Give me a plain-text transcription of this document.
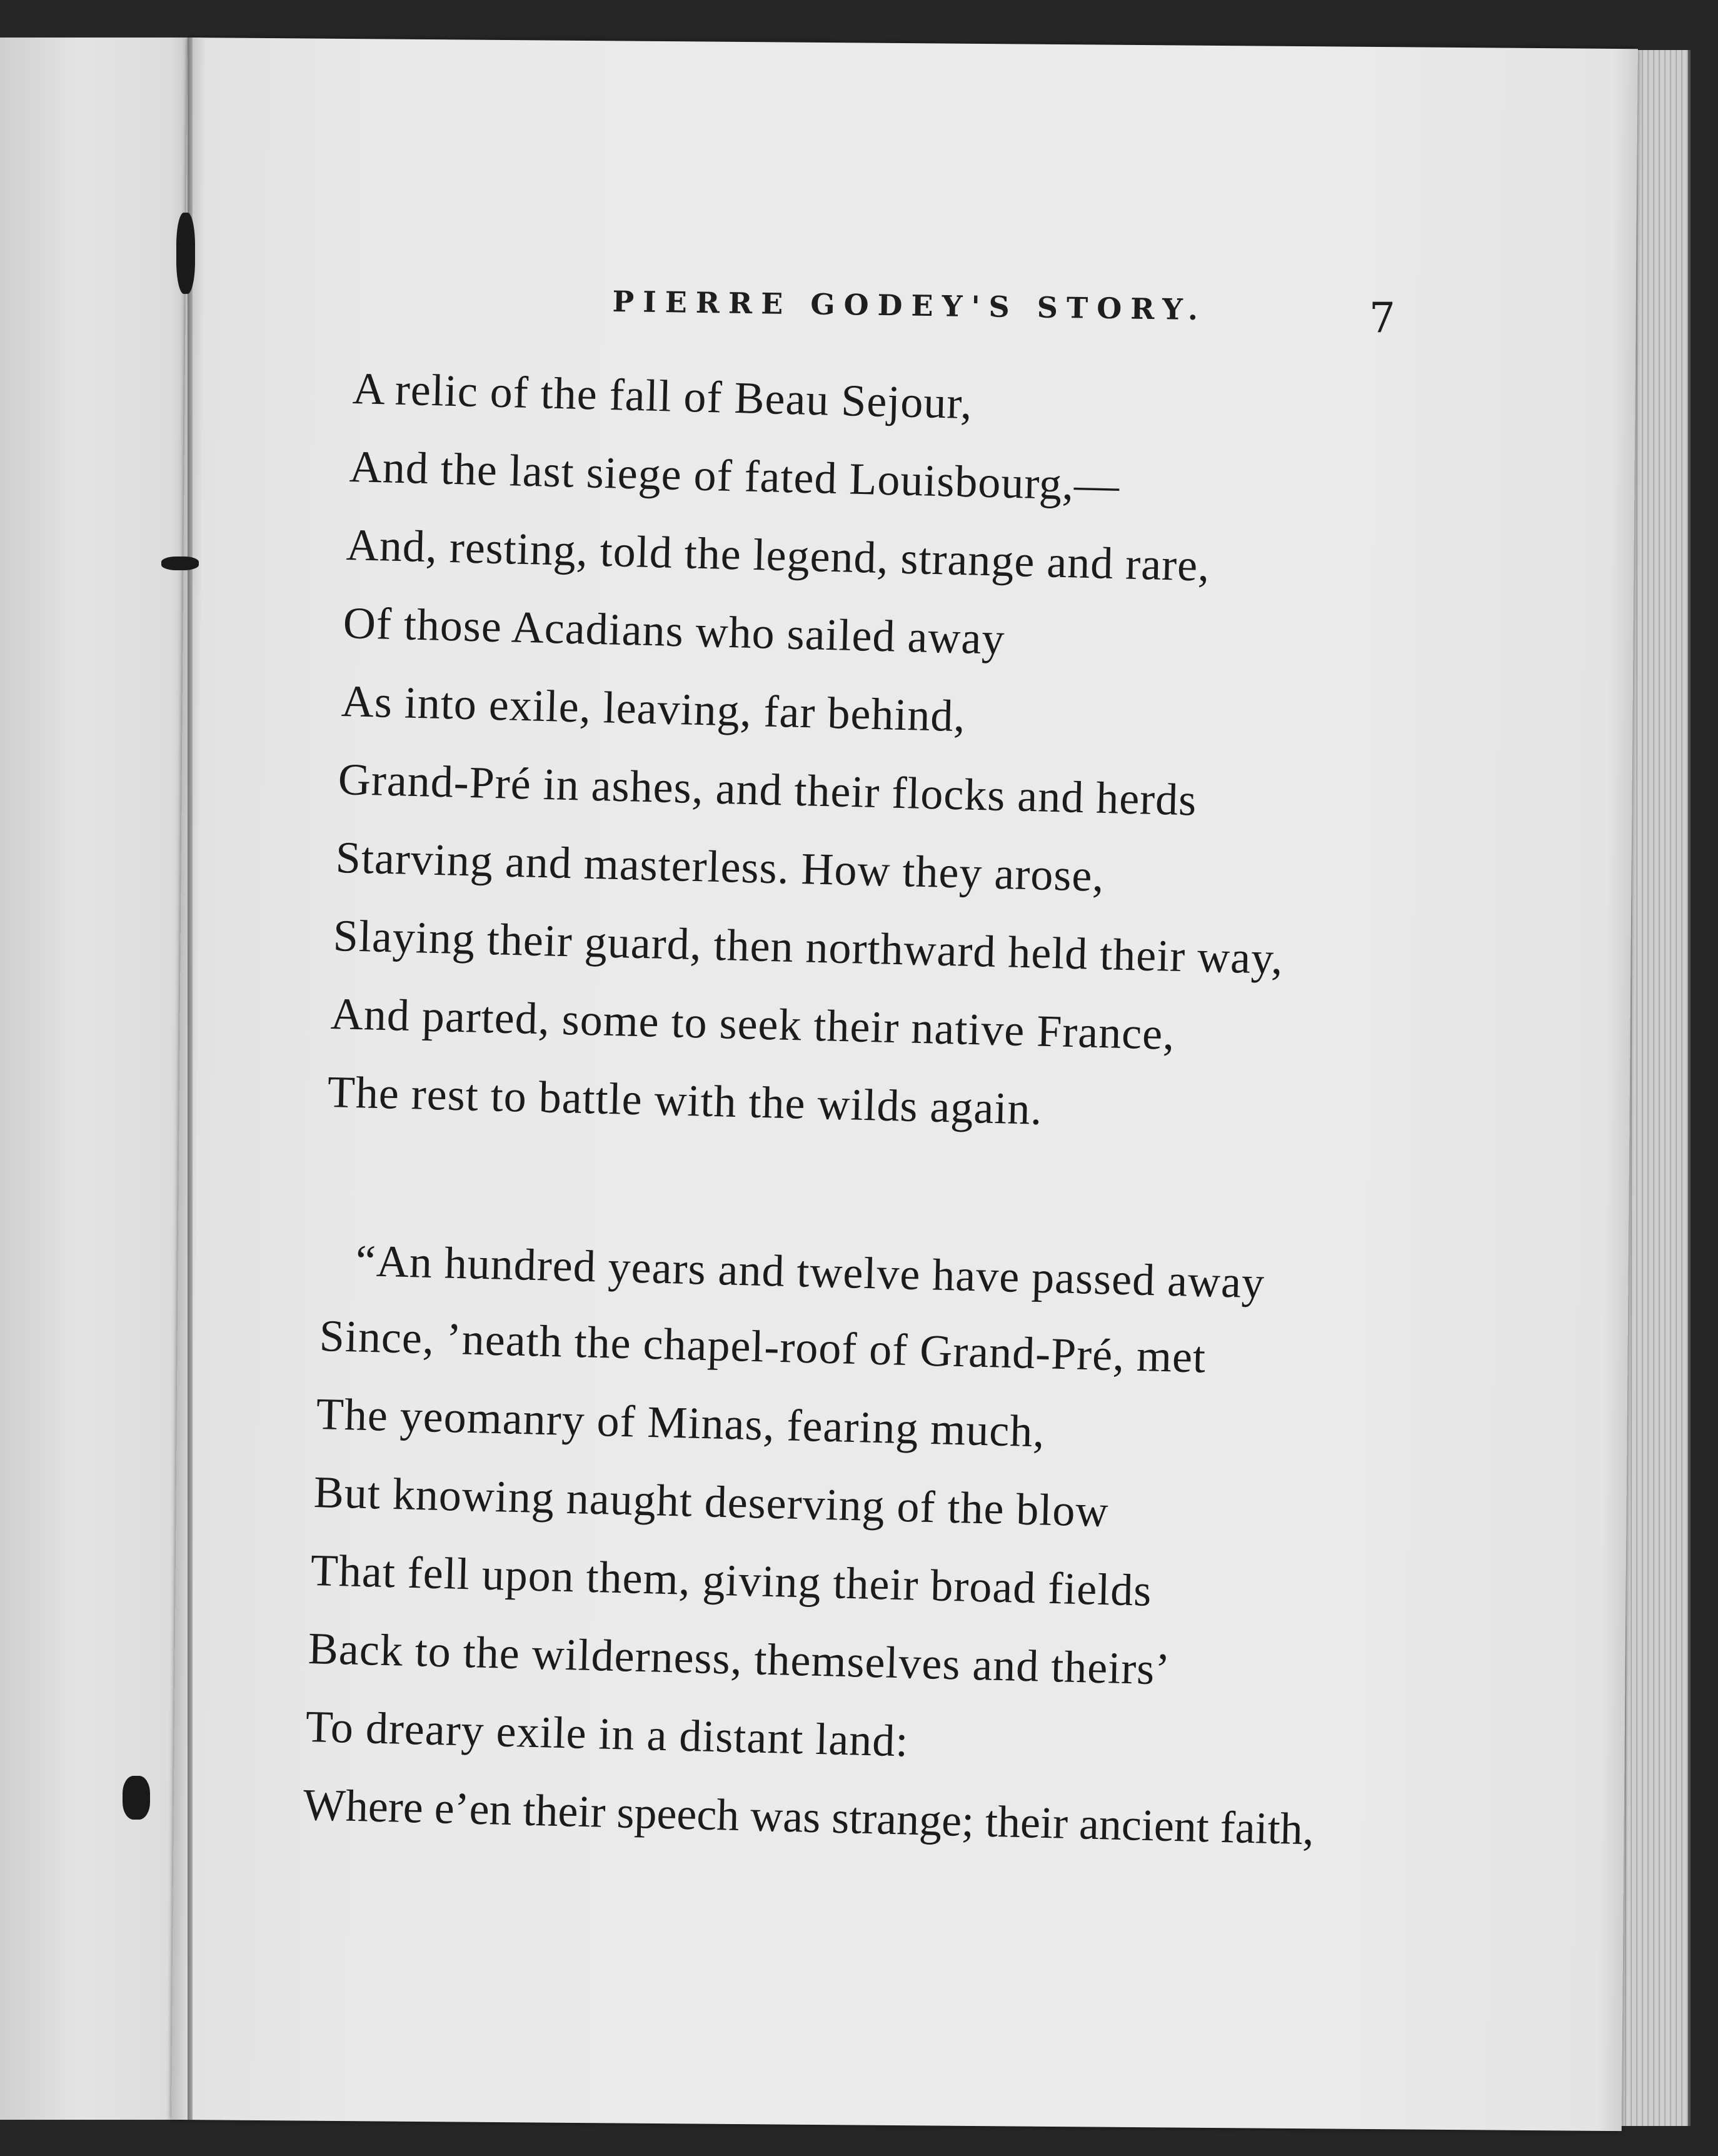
PIERRE GODEY'S STORY.	7
A relic of the fall of Beau Sejour,
And the last siege of fated Louisbourg,—
And, resting, told the legend, strange and rare,
Of those Acadians who sailed away
As into exile, leaving, far behind,
Grand-Pré in ashes, and their flocks and herds
Starving and masterless. How they arose,
Slaying their guard, then northward held their way,
And parted, some to seek their native France,
The rest to battle with the wilds again.
“An hundred years and twelve have passed away
Since, ’neath the chapel-roof of Grand-Pré, met
The yeomanry of Minas, fearing much,
But knowing naught deserving of the blow
That fell upon them, giving their broad fields
Back to the wilderness, themselves and theirs’
To dreary exile in a distant land:
Where e’en their speech was strange; their ancient faith,
